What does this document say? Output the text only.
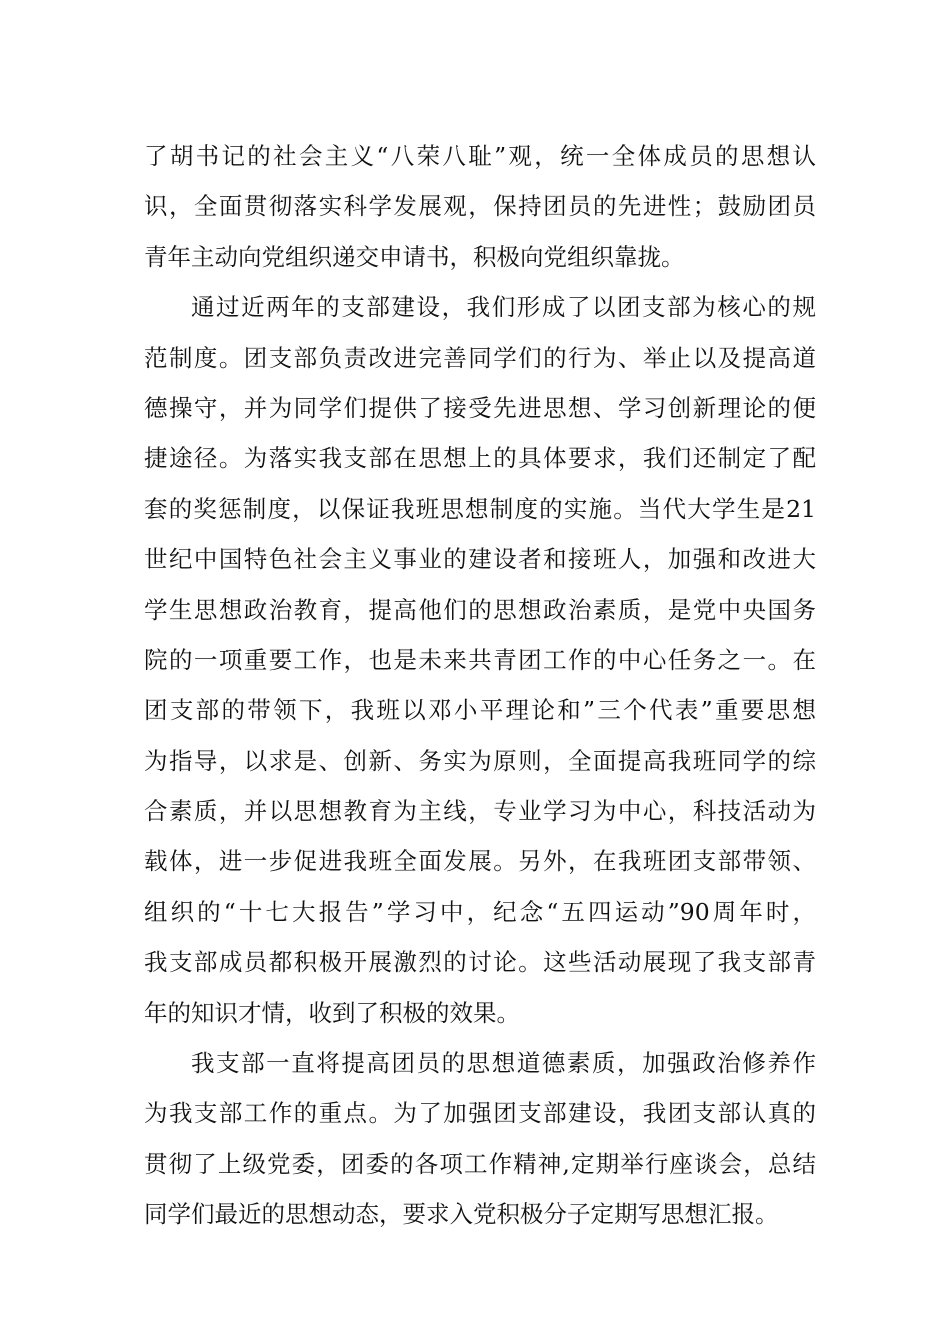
了胡书记的社会主义“八荣八耻”观，统一全体成员的思想认
识，全面贯彻落实科学发展观，保持团员的先进性；鼓励团员
青年主动向党组织递交申请书，积极向党组织靠拢。
通过近两年的支部建设，我们形成了以团支部为核心的规
范制度。团支部负责改进完善同学们的行为、举止以及提高道
德操守，并为同学们提供了接受先进思想、学习创新理论的便
捷途径。为落实我支部在思想上的具体要求，我们还制定了配
套的奖惩制度，以保证我班思想制度的实施。当代大学生是21
世纪中国特色社会主义事业的建设者和接班人，加强和改进大
学生思想政治教育，提高他们的思想政治素质，是党中央国务
院的一项重要工作，也是未来共青团工作的中心任务之一。在
团支部的带领下，我班以邓小平理论和”三个代表”重要思想
为指导，以求是、创新、务实为原则，全面提高我班同学的综
合素质，并以思想教育为主线，专业学习为中心，科技活动为
载体，进一步促进我班全面发展。另外，在我班团支部带领、
组织的“十七大报告”学习中，纪念“五四运动”90周年时，
我支部成员都积极开展激烈的讨论。这些活动展现了我支部青
年的知识才情，收到了积极的效果。
我支部一直将提高团员的思想道德素质，加强政治修养作
为我支部工作的重点。为了加强团支部建设，我团支部认真的
贯彻了上级党委，团委的各项工作精神,定期举行座谈会，总结
同学们最近的思想动态，要求入党积极分子定期写思想汇报。
